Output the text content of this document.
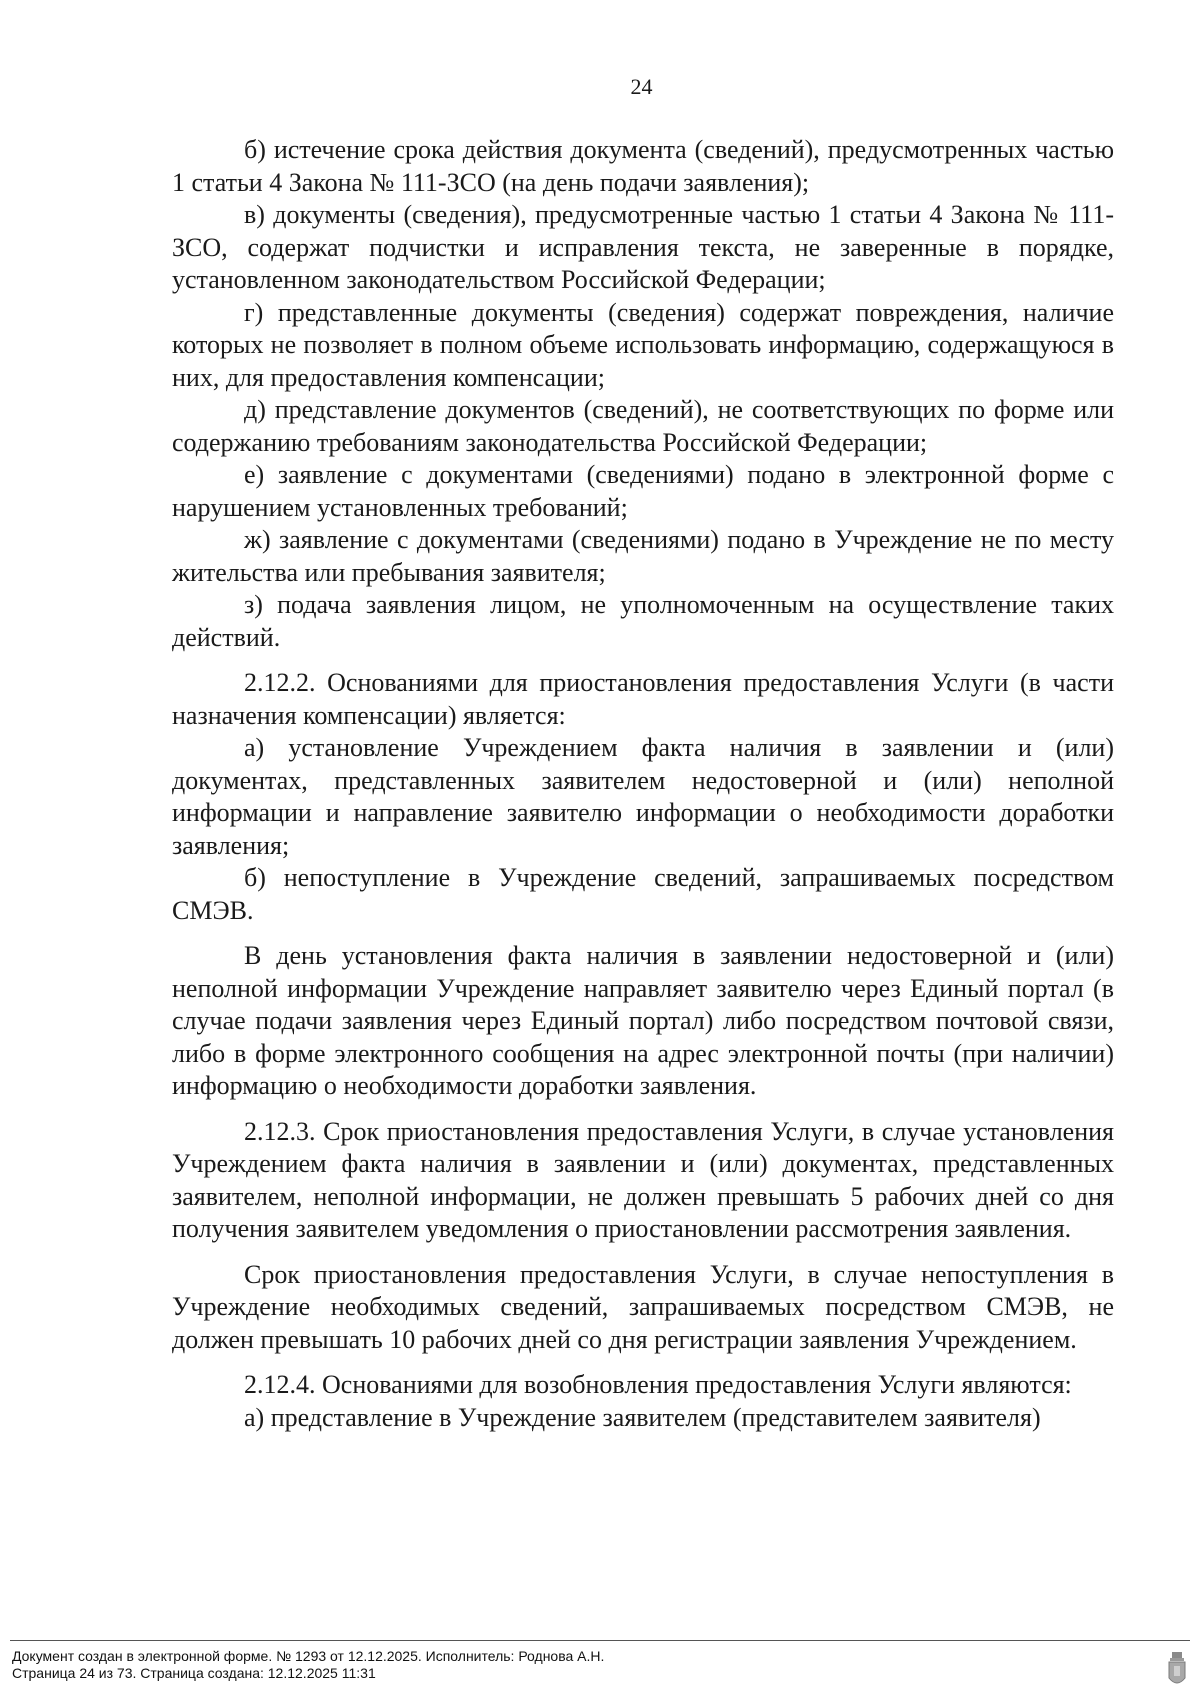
24

б) истечение срока действия документа (сведений), предусмотренных частью 1 статьи 4 Закона № 111-ЗСО (на день подачи заявления);

в) документы (сведения), предусмотренные частью 1 статьи 4 Закона № 111-ЗСО, содержат подчистки и исправления текста, не заверенные в порядке, установленном законодательством Российской Федерации;

г) представленные документы (сведения) содержат повреждения, наличие которых не позволяет в полном объеме использовать информацию, содержащуюся в них, для предоставления компенсации;

д) представление документов (сведений), не соответствующих по форме или содержанию требованиям законодательства Российской Федерации;

е) заявление с документами (сведениями) подано в электронной форме с нарушением установленных требований;

ж) заявление с документами (сведениями) подано в Учреждение не по месту жительства или пребывания заявителя;

з) подача заявления лицом, не уполномоченным на осуществление таких действий.

2.12.2. Основаниями для приостановления предоставления Услуги (в части назначения компенсации) является:

а) установление Учреждением факта наличия в заявлении и (или) документах, представленных заявителем недостоверной и (или) неполной информации и направление заявителю информации о необходимости доработки заявления;

б) непоступление в Учреждение сведений, запрашиваемых посредством СМЭВ.

В день установления факта наличия в заявлении недостоверной и (или) неполной информации Учреждение направляет заявителю через Единый портал (в случае подачи заявления через Единый портал) либо посредством почтовой связи, либо в форме электронного сообщения на адрес электронной почты (при наличии) информацию о необходимости доработки заявления.

2.12.3. Срок приостановления предоставления Услуги, в случае установления Учреждением факта наличия в заявлении и (или) документах, представленных заявителем, неполной информации, не должен превышать 5 рабочих дней со дня получения заявителем уведомления о приостановлении рассмотрения заявления.

Срок приостановления предоставления Услуги, в случае непоступления в Учреждение необходимых сведений, запрашиваемых посредством СМЭВ, не должен превышать 10 рабочих дней со дня регистрации заявления Учреждением.

2.12.4. Основаниями для возобновления предоставления Услуги являются:

а) представление в Учреждение заявителем (представителем заявителя)

Документ создан в электронной форме. № 1293 от 12.12.2025. Исполнитель: Роднова А.Н.
Страница 24 из 73. Страница создана: 12.12.2025 11:31
